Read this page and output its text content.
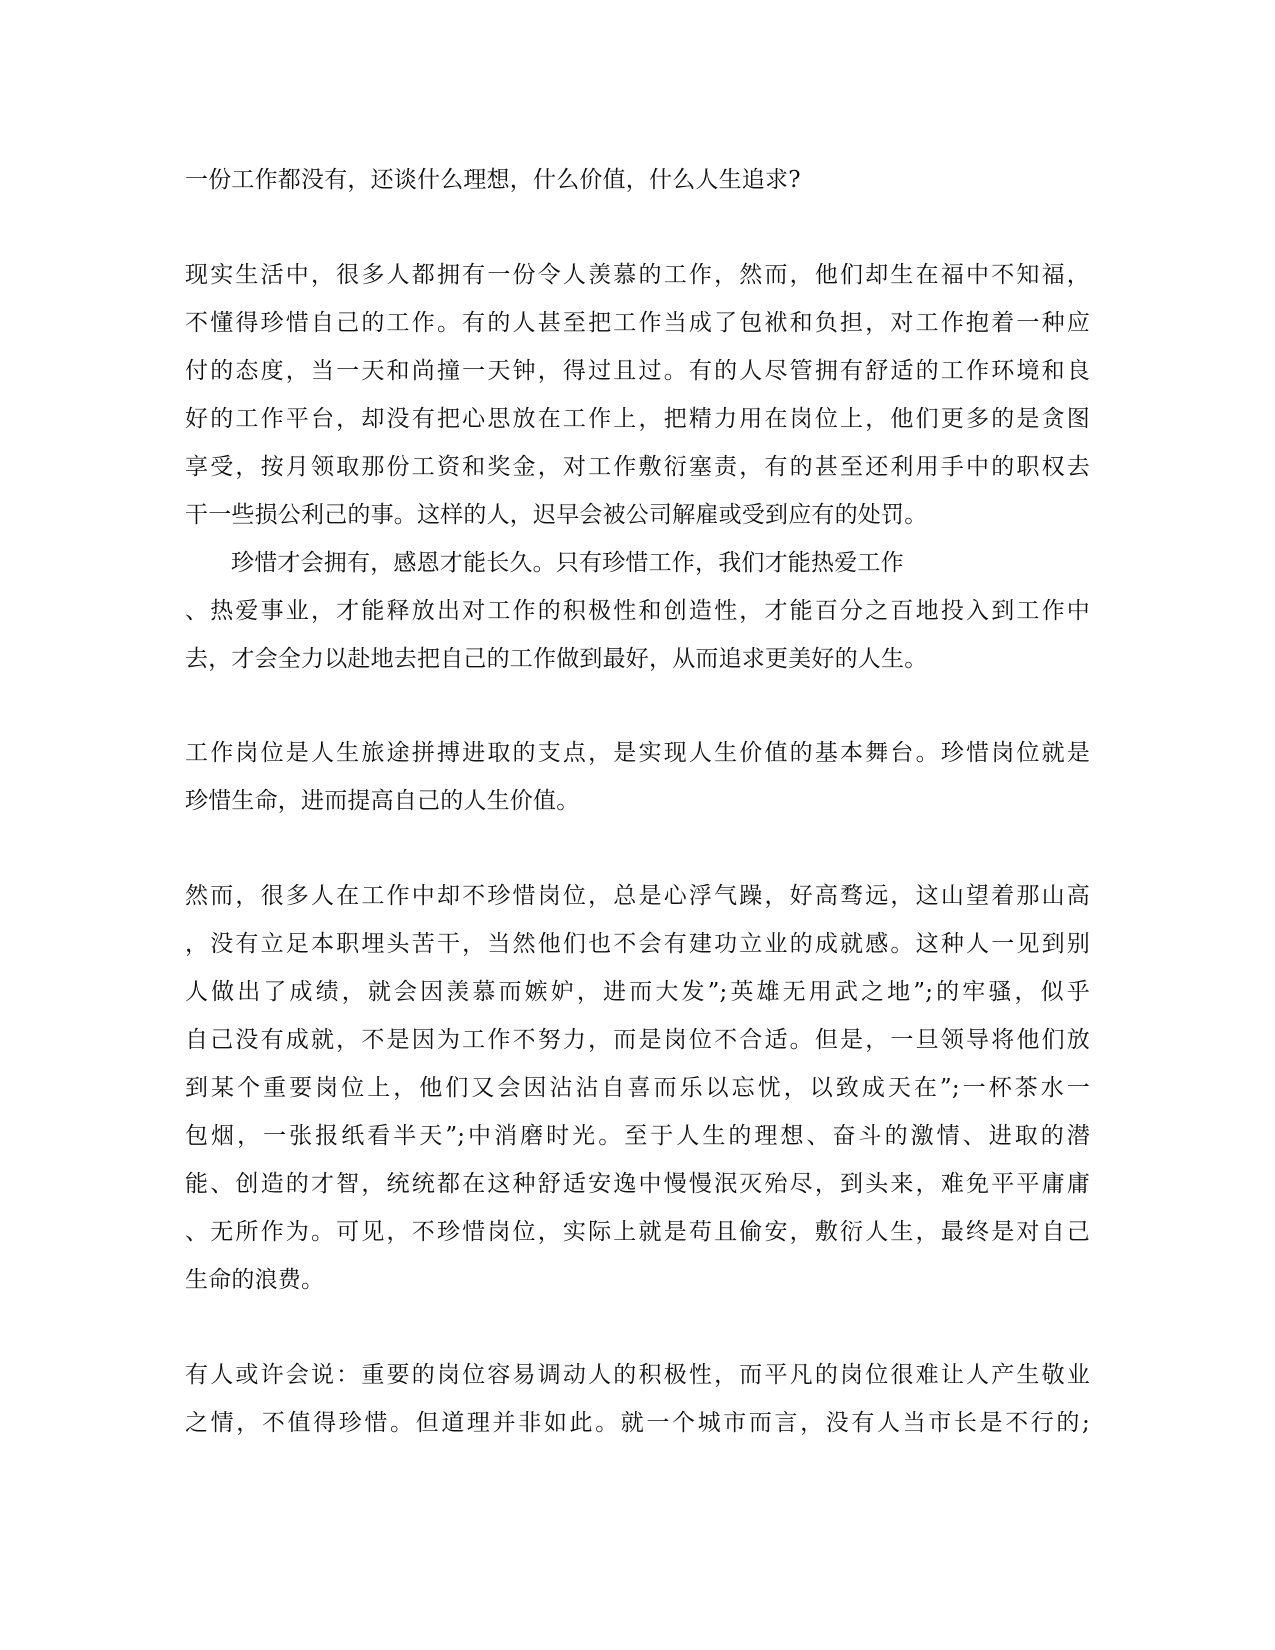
一份工作都没有，还谈什么理想，什么价值，什么人生追求?
现实生活中，很多人都拥有一份令人羡慕的工作，然而，他们却生在福中不知福，
不懂得珍惜自己的工作。有的人甚至把工作当成了包袱和负担，对工作抱着一种应
付的态度，当一天和尚撞一天钟，得过且过。有的人尽管拥有舒适的工作环境和良
好的工作平台，却没有把心思放在工作上，把精力用在岗位上，他们更多的是贪图
享受，按月领取那份工资和奖金，对工作敷衍塞责，有的甚至还利用手中的职权去
干一些损公利己的事。这样的人，迟早会被公司解雇或受到应有的处罚。
珍惜才会拥有，感恩才能长久。只有珍惜工作，我们才能热爱工作
、热爱事业，才能释放出对工作的积极性和创造性，才能百分之百地投入到工作中
去，才会全力以赴地去把自己的工作做到最好，从而追求更美好的人生。
工作岗位是人生旅途拼搏进取的支点，是实现人生价值的基本舞台。珍惜岗位就是
珍惜生命，进而提高自己的人生价值。
然而，很多人在工作中却不珍惜岗位，总是心浮气躁，好高骛远，这山望着那山高
，没有立足本职埋头苦干，当然他们也不会有建功立业的成就感。这种人一见到别
人做出了成绩，就会因羡慕而嫉妒，进而大发”;英雄无用武之地”;的牢骚，似乎
自己没有成就，不是因为工作不努力，而是岗位不合适。但是，一旦领导将他们放
到某个重要岗位上，他们又会因沾沾自喜而乐以忘忧，以致成天在”;一杯茶水一
包烟，一张报纸看半天”;中消磨时光。至于人生的理想、奋斗的激情、进取的潜
能、创造的才智，统统都在这种舒适安逸中慢慢泯灭殆尽，到头来，难免平平庸庸
、无所作为。可见，不珍惜岗位，实际上就是苟且偷安，敷衍人生，最终是对自己
生命的浪费。
有人或许会说：重要的岗位容易调动人的积极性，而平凡的岗位很难让人产生敬业
之情，不值得珍惜。但道理并非如此。就一个城市而言，没有人当市长是不行的;
